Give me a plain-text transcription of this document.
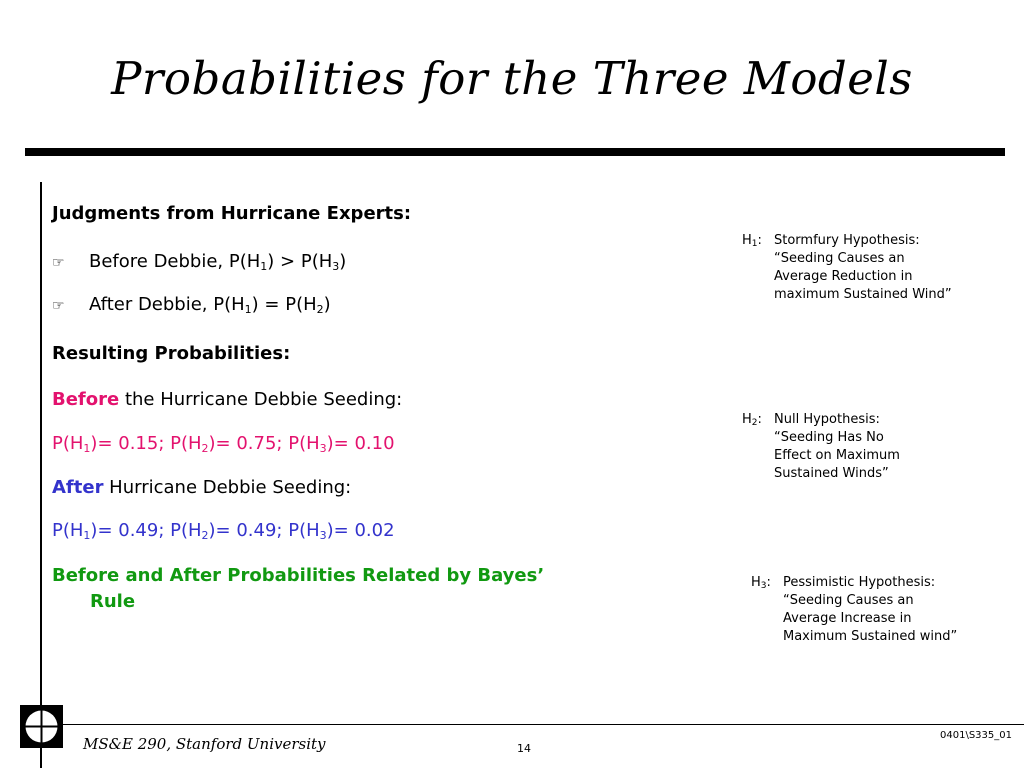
Probabilities for the Three Models
Judgments from Hurricane Experts:
☞ Before Debbie, $P(H_1) > P(H_3)$
☞ After Debbie, $P(H_1) = P(H_2)$
Resulting Probabilities:
Before the Hurricane Debbie Seeding:
$P(H_1)= 0.15$; $P(H_2)= 0.75$; $P(H_3)= 0.10$
After Hurricane Debbie Seeding:
$P(H_1)= 0.49$; $P(H_2)= 0.49$; $P(H_3)= 0.02$
Before and After Probabilities Related by Bayes’
Rule
$H_1$: Stormfury Hypothesis:
“Seeding Causes an
Average Reduction in
maximum Sustained Wind”
$H_2$: Null Hypothesis:
“Seeding Has No
Effect on Maximum
Sustained Winds”
$H_3$: Pessimistic Hypothesis:
“Seeding Causes an
Average Increase in
Maximum Sustained wind”
MS&E 290, Stanford University	14
0401\S335_01
